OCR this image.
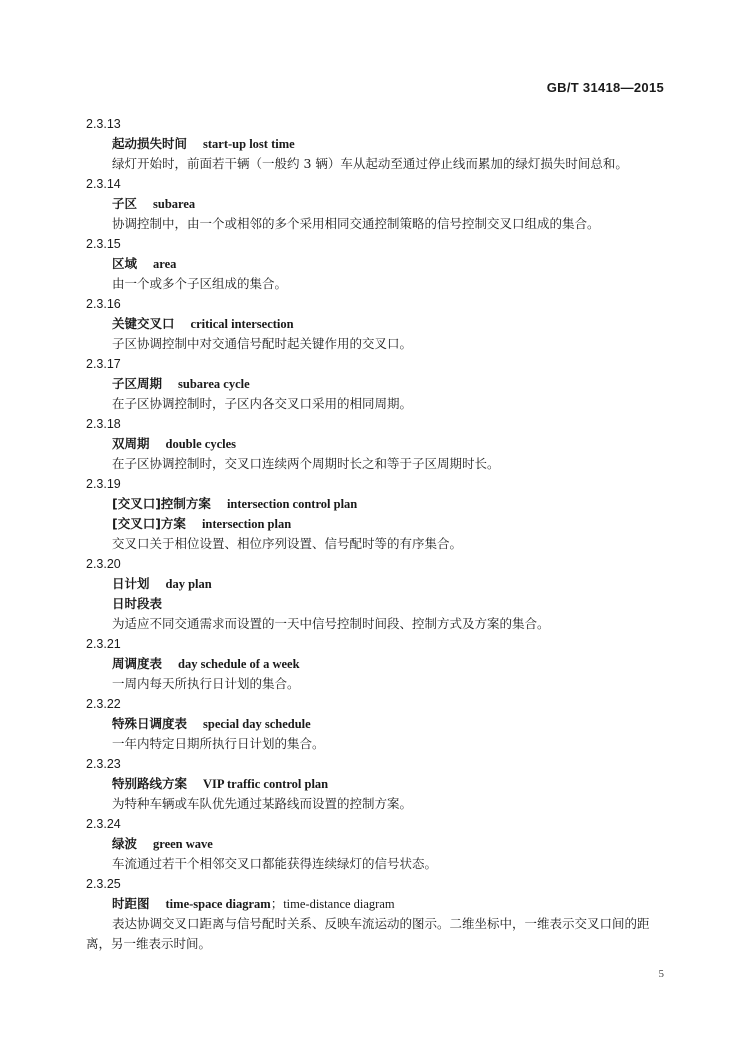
GB/T 31418—2015
2.3.13
起动损失时间 start-up lost time
绿灯开始时，前面若干辆（一般约 3 辆）车从起动至通过停止线而累加的绿灯损失时间总和。
2.3.14
子区 subarea
协调控制中，由一个或相邻的多个采用相同交通控制策略的信号控制交叉口组成的集合。
2.3.15
区域 area
由一个或多个子区组成的集合。
2.3.16
关键交叉口 critical intersection
子区协调控制中对交通信号配时起关键作用的交叉口。
2.3.17
子区周期 subarea cycle
在子区协调控制时，子区内各交叉口采用的相同周期。
2.3.18
双周期 double cycles
在子区协调控制时，交叉口连续两个周期时长之和等于子区周期时长。
2.3.19
[交叉口]控制方案 intersection control plan
[交叉口]方案 intersection plan
交叉口关于相位设置、相位序列设置、信号配时等的有序集合。
2.3.20
日计划 day plan
日时段表
为适应不同交通需求而设置的一天中信号控制时间段、控制方式及方案的集合。
2.3.21
周调度表 day schedule of a week
一周内每天所执行日计划的集合。
2.3.22
特殊日调度表 special day schedule
一年内特定日期所执行日计划的集合。
2.3.23
特别路线方案 VIP traffic control plan
为特种车辆或车队优先通过某路线而设置的控制方案。
2.3.24
绿波 green wave
车流通过若干个相邻交叉口都能获得连续绿灯的信号状态。
2.3.25
时距图 time-space diagram；time-distance diagram
表达协调交叉口距离与信号配时关系、反映车流运动的图示。二维坐标中，一维表示交叉口间的距离，另一维表示时间。
5
